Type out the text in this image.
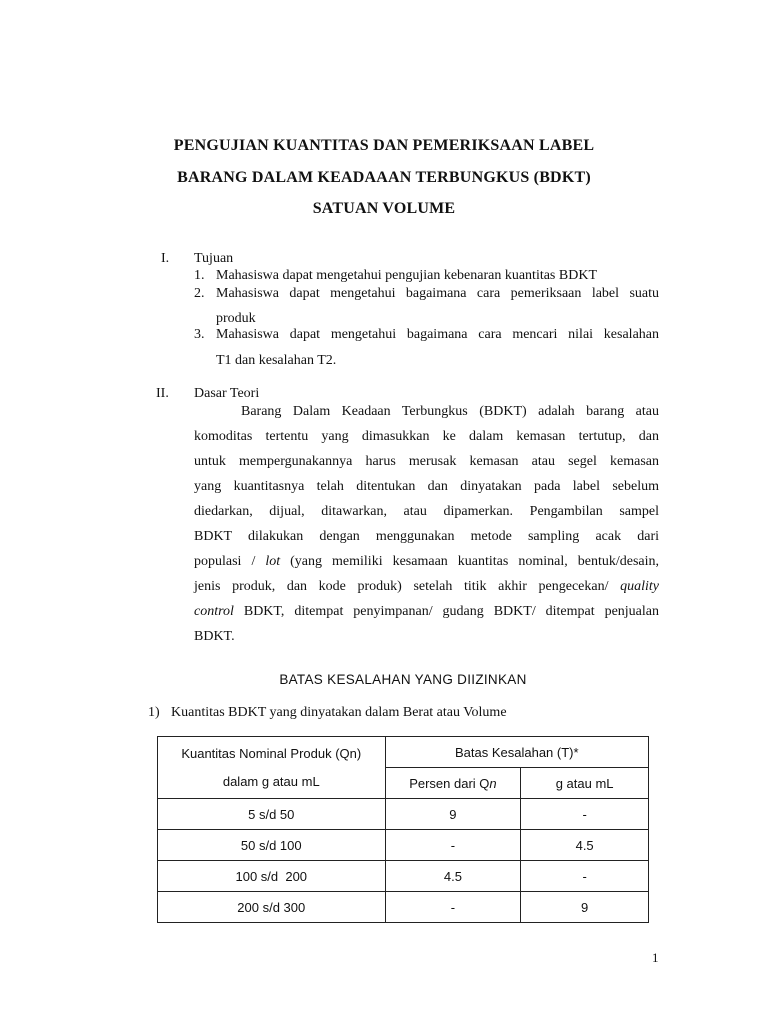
PENGUJIAN KUANTITAS DAN PEMERIKSAAN LABEL
BARANG DALAM KEADAAAN TERBUNGKUS (BDKT)
SATUAN VOLUME
I. Tujuan
1. Mahasiswa dapat mengetahui pengujian kebenaran kuantitas BDKT
2. Mahasiswa dapat mengetahui bagaimana cara pemeriksaan label suatu
produk
3. Mahasiswa dapat mengetahui bagaimana cara mencari nilai kesalahan
T1 dan kesalahan T2.
II. Dasar Teori
Barang Dalam Keadaan Terbungkus (BDKT) adalah barang atau
komoditas tertentu yang dimasukkan ke dalam kemasan tertutup, dan
untuk mempergunakannya harus merusak kemasan atau segel kemasan
yang kuantitasnya telah ditentukan dan dinyatakan pada label sebelum
diedarkan, dijual, ditawarkan, atau dipamerkan. Pengambilan sampel
BDKT dilakukan dengan menggunakan metode sampling acak dari
populasi / lot (yang memiliki kesamaan kuantitas nominal, bentuk/desain,
jenis produk, dan kode produk) setelah titik akhir pengecekan/ quality
control BDKT, ditempat penyimpanan/ gudang BDKT/ ditempat penjualan
BDKT.
BATAS KESALAHAN YANG DIIZINKAN
1) Kuantitas BDKT yang dinyatakan dalam Berat atau Volume
Kuantitas Nominal Produk (Qn)
dalam g atau mL	Batas Kesalahan (T)*	
	Persen dari Qn	g atau mL
5 s/d 50	9	-
50 s/d 100	-	4.5
100 s/d  200	4.5	-
200 s/d 300	-	9
1
